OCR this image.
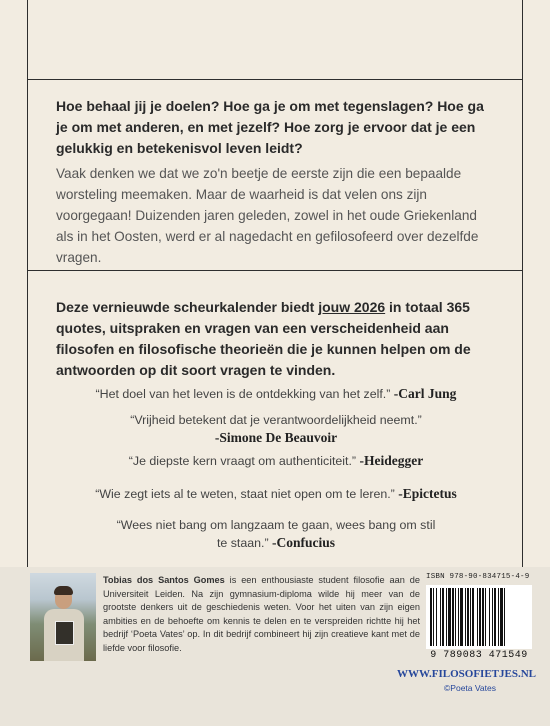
Hoe behaal jij je doelen? Hoe ga je om met tegenslagen? Hoe ga je om met anderen, en met jezelf? Hoe zorg je ervoor dat je een gelukkig en betekenisvol leven leidt?
Vaak denken we dat we zo'n beetje de eerste zijn die een bepaalde worsteling meemaken. Maar de waarheid is dat velen ons zijn voorgegaan! Duizenden jaren geleden, zowel in het oude Griekenland als in het Oosten, werd er al nagedacht en gefilosofeerd over dezelfde vragen.
Deze vernieuwde scheurkalender biedt jouw 2026 in totaal 365 quotes, uitspraken en vragen van een verscheidenheid aan filosofen en filosofische theorieën die je kunnen helpen om de antwoorden op dit soort vragen te vinden.
“Het doel van het leven is de ontdekking van het zelf.” -Carl Jung
“Vrijheid betekent dat je verantwoordelijkheid neemt.”
-Simone De Beauvoir
“Je diepste kern vraagt om authenticiteit.” -Heidegger
“Wie zegt iets al te weten, staat niet open om te leren.” -Epictetus
“Wees niet bang om langzaam te gaan, wees bang om stil te staan.” -Confucius
Tobias dos Santos Gomes is een enthousiaste student filosofie aan de Universiteit Leiden. Na zijn gymnasium-diploma wilde hij meer van de grootste denkers uit de geschiedenis weten. Voor het uiten van zijn eigen ambities en de behoefte om kennis te delen en te verspreiden richtte hij het bedrijf ‘Poeta Vates’ op. In dit bedrijf combineert hij zijn creatieve kant met de liefde voor filosofie.
ISBN 978-90-834715-4-9
9 789083 471549
WWW.FILOSOFIETJES.NL
©Poeta Vates
